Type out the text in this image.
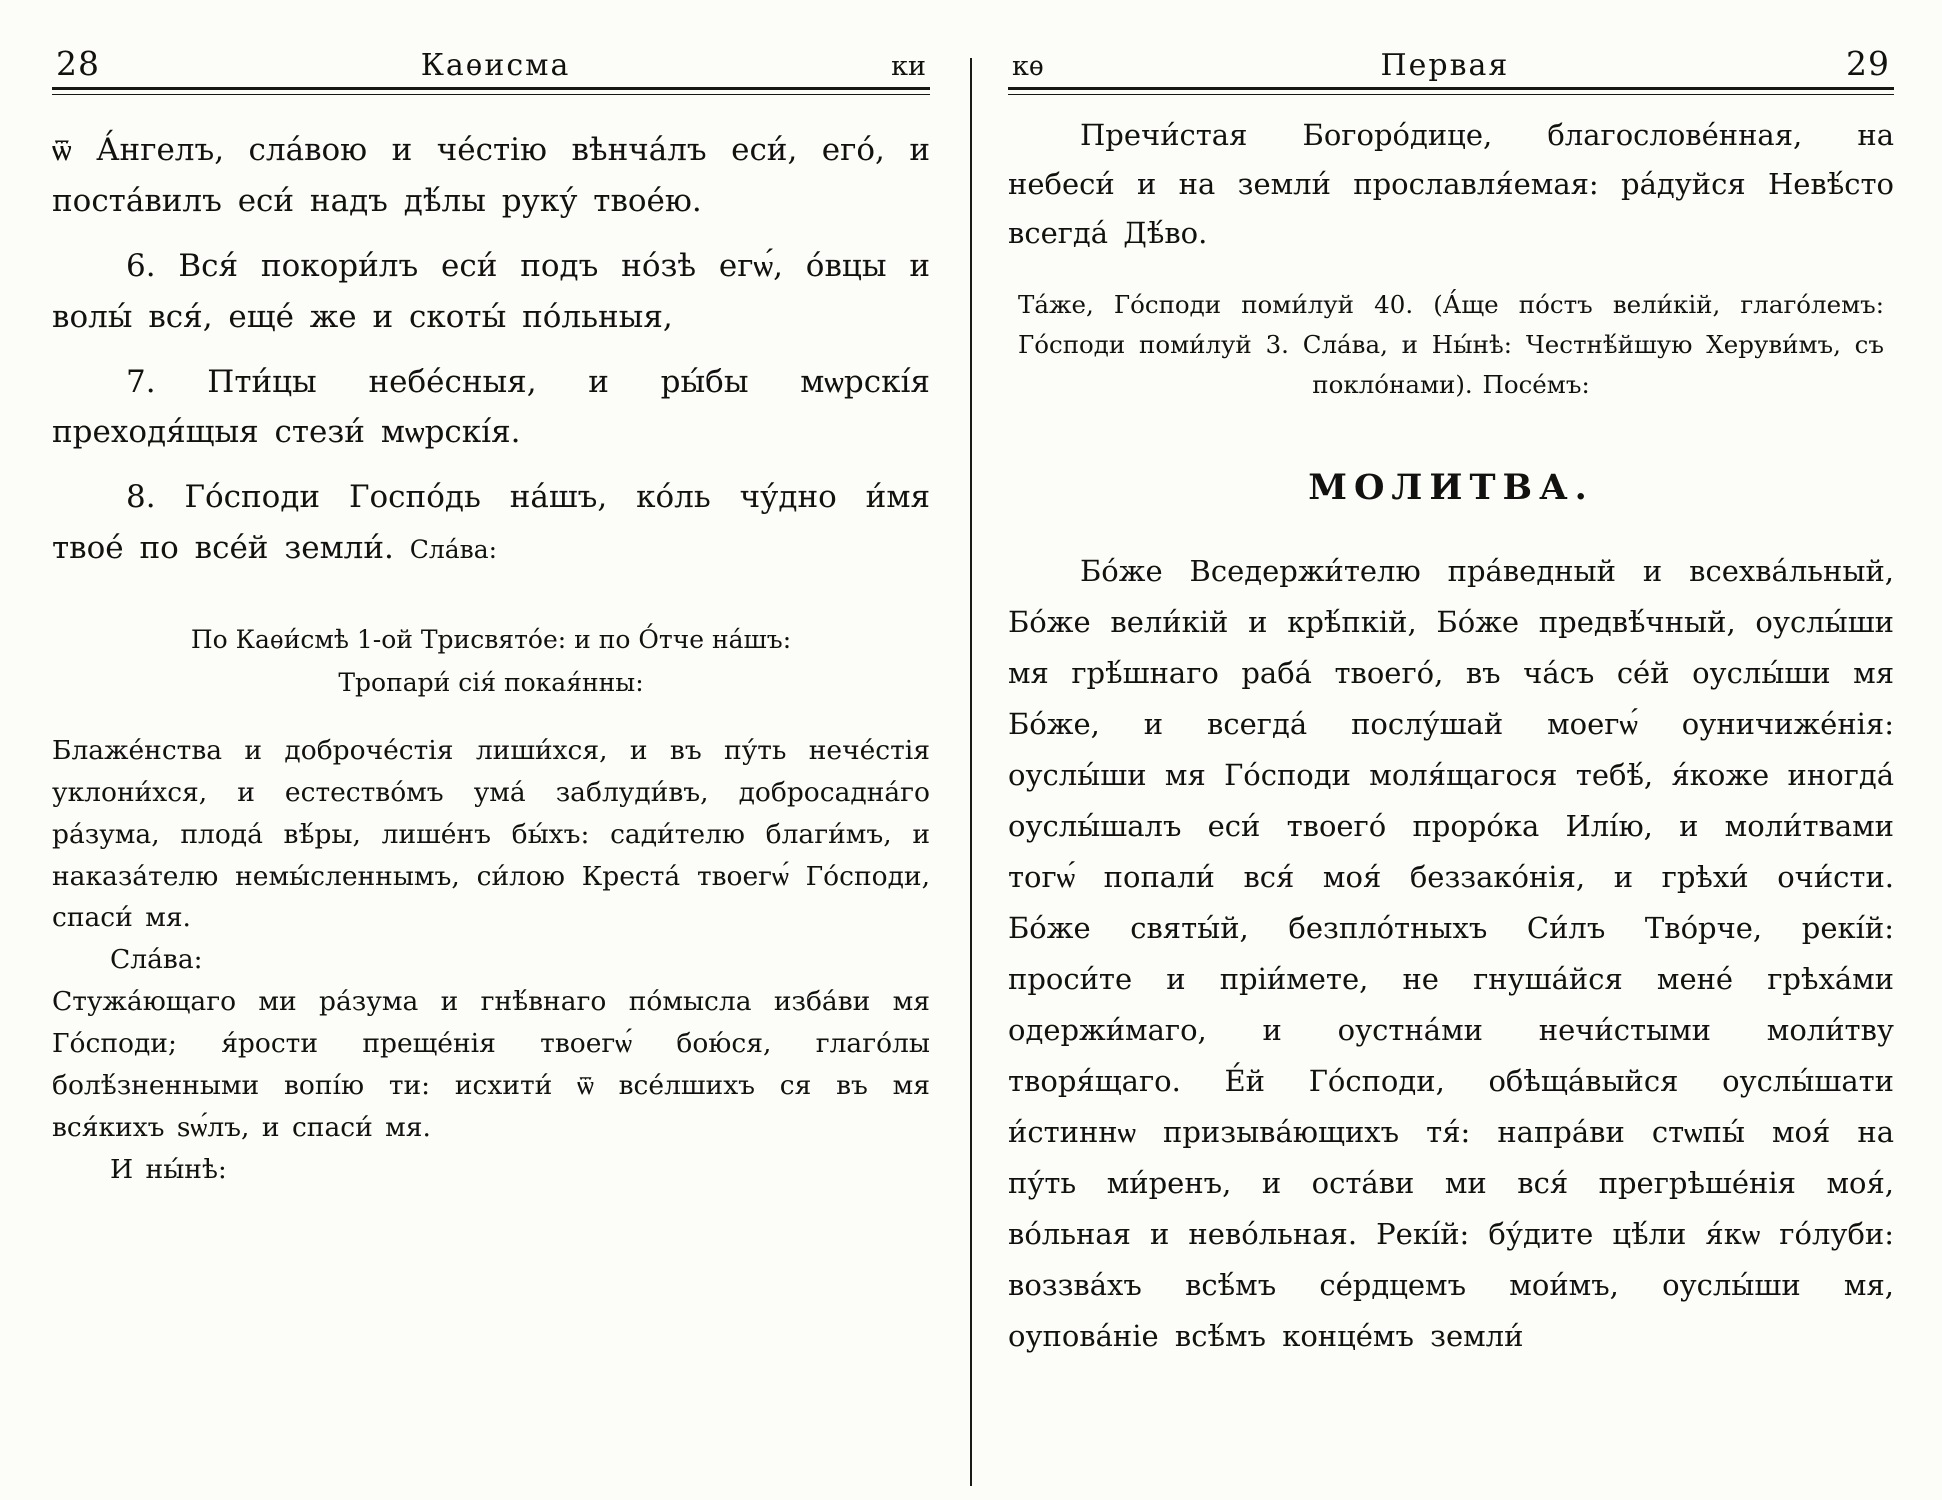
28	Каѳисма	ки

ѿ А́нгелъ, сла́вою и че́стію вѣнча́лъ еси́, его́, и поста́вилъ еси́ надъ дѣ́лы руку́ твое́ю.

6. Вся́ покори́лъ еси́ подъ но́зѣ егѡ́, о́вцы и волы́ вся́, еще́ же и скоты́ по́льныя,

7. Пти́цы небе́сныя, и ры́бы мѡрскі́я преходя́щыя стези́ мѡрскі́я.

8. Го́споди Госпо́дь на́шъ, ко́ль чу́дно и́мя твое́ по все́й земли́. Сла́ва:

По Каѳи́смѣ 1-ой Трисвято́е: и по О́тче на́шъ:
Тропари́ сія́ покая́нны:

Блаже́нства и доброче́стія лиши́хся, и въ пу́ть нече́стія уклони́хся, и естество́мъ ума́ заблуди́въ, добросадна́го ра́зума, плода́ вѣ́ры, лише́нъ бы́хъ: сади́телю благи́мъ, и наказа́телю немы́сленнымъ, си́лою Креста́ твоегѡ́ Го́споди, спаси́ мя.

Сла́ва:

Стужа́ющаго ми ра́зума и гнѣ́внаго по́мысла изба́ви мя Го́споди; я́рости преще́нія твоегѡ́ бою́ся, глаго́лы болѣ́зненными вопі́ю ти: исхити́ ѿ все́лшихъ ся въ мя вся́кихъ ѕѡ́лъ, и спаси́ мя.

И ны́нѣ:

кѳ	Первая	29

Пречи́стая Богоро́дице, благослове́нная, на небеси́ и на земли́ прославля́емая: ра́дуйся Невѣ́сто всегда́ Дѣ́во.

Та́же, Го́споди поми́луй 40. (А́ще по́стъ вели́кій, глаго́лемъ: Го́споди поми́луй 3. Сла́ва, и Ны́нѣ: Честнѣ́йшую Херуви́мъ, съ покло́нами). Посе́мъ:

МОЛИТВА.

Бо́же Вседержи́телю пра́ведный и всехва́льный, Бо́же вели́кій и крѣ́пкій, Бо́же предвѣ́чный, оуслы́ши мя грѣ́шнаго раба́ твоего́, въ ча́съ се́й оуслы́ши мя Бо́же, и всегда́ послу́шай моегѡ́ оуничиже́нія: оуслы́ши мя Го́споди моля́щагося тебѣ́, я́коже иногда́ оуслы́шалъ еси́ твоего́ проро́ка Илі́ю, и моли́твами тогѡ́ попали́ вся́ моя́ беззако́нія, и грѣхи́ очи́сти. Бо́же святы́й, безпло́тныхъ Си́лъ Тво́рче, рекі́й: проси́те и пріи́мете, не гнуша́йся мене́ грѣха́ми одержи́маго, и оустна́ми нечи́стыми моли́тву творя́щаго. Е́й Го́споди, обѣща́выйся оуслы́шати и́стиннѡ призыва́ющихъ тя́: напра́ви стѡпы́ моя́ на пу́ть ми́ренъ, и оста́ви ми вся́ прегрѣше́нія моя́, во́льная и нево́льная. Рекі́й: бу́дите цѣ́ли я́кѡ го́луби: воззва́хъ всѣ́мъ се́рдцемъ мои́мъ, оуслы́ши мя, оупова́ніе всѣ́мъ конце́мъ земли́
